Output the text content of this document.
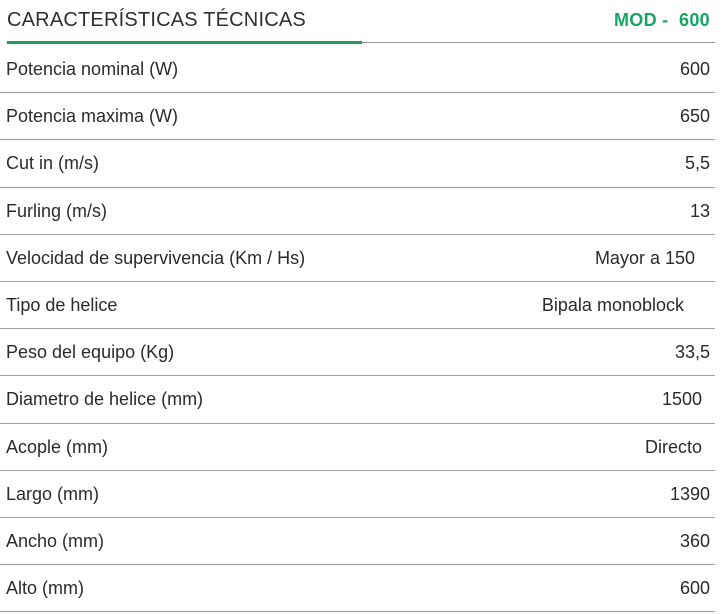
CARACTERÍSTICAS TÉCNICAS	MOD -  600
Potencia nominal (W)	600
Potencia maxima (W)	650
Cut in (m/s)	5,5
Furling (m/s)	13
Velocidad de supervivencia (Km / Hs)	Mayor a 150
Tipo de helice	Bipala monoblock
Peso del equipo (Kg)	33,5
Diametro de helice (mm)	1500
Acople (mm)	Directo
Largo (mm)	1390
Ancho (mm)	360
Alto (mm)	600
